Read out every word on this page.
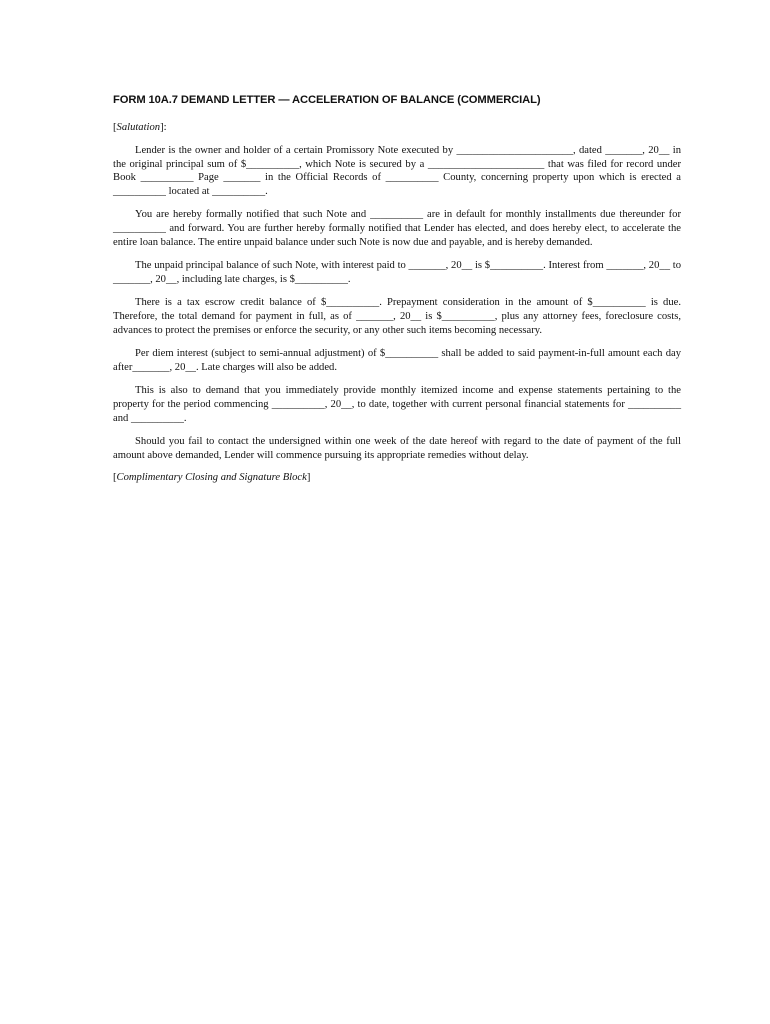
FORM 10A.7 DEMAND LETTER — ACCELERATION OF BALANCE (COMMERCIAL)
[Salutation]:

Lender is the owner and holder of a certain Promissory Note executed by ______________________, dated _______, 20__ in the original principal sum of $__________, which Note is secured by a ______________________ that was filed for record under Book __________ Page _______ in the Official Records of __________ County, concerning property upon which is erected a __________ located at __________.

You are hereby formally notified that such Note and __________ are in default for monthly installments due thereunder for __________ and forward. You are further hereby formally notified that Lender has elected, and does hereby elect, to accelerate the entire loan balance. The entire unpaid balance under such Note is now due and payable, and is hereby demanded.

The unpaid principal balance of such Note, with interest paid to _______, 20__ is $__________. Interest from _______, 20__ to _______, 20__, including late charges, is $__________.

There is a tax escrow credit balance of $__________. Prepayment consideration in the amount of $__________ is due. Therefore, the total demand for payment in full, as of _______, 20__ is $__________, plus any attorney fees, foreclosure costs, advances to protect the premises or enforce the security, or any other such items becoming necessary.

Per diem interest (subject to semi-annual adjustment) of $__________ shall be added to said payment-in-full amount each day after_______, 20__. Late charges will also be added.

This is also to demand that you immediately provide monthly itemized income and expense statements pertaining to the property for the period commencing __________, 20__, to date, together with current personal financial statements for __________ and __________.

Should you fail to contact the undersigned within one week of the date hereof with regard to the date of payment of the full amount above demanded, Lender will commence pursuing its appropriate remedies without delay.

[Complimentary Closing and Signature Block]
